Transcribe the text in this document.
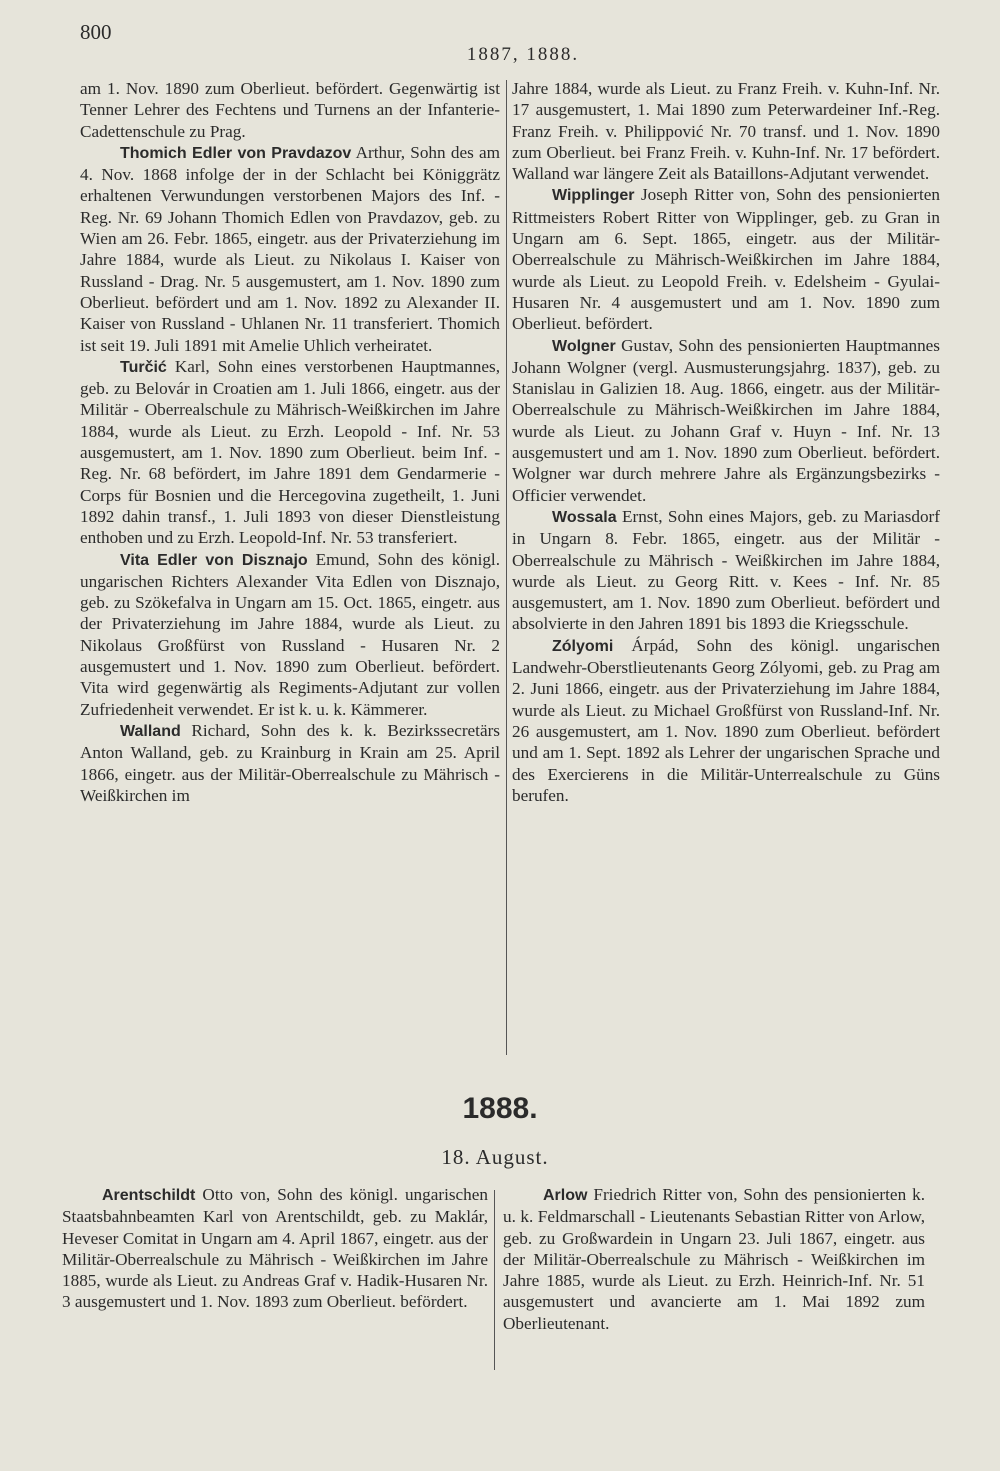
800
1887, 1888.

am 1. Nov. 1890 zum Oberlieut. befördert. Gegenwärtig ist Tenner Lehrer des Fechtens und Turnens an der Infanterie-Cadettenschule zu Prag.

Thomich Edler von Pravdazov Arthur, Sohn des am 4. Nov. 1868 infolge der in der Schlacht bei Königgrätz erhaltenen Verwundungen verstorbenen Majors des Inf. - Reg. Nr. 69 Johann Thomich Edlen von Pravdazov, geb. zu Wien am 26. Febr. 1865, eingetr. aus der Privaterziehung im Jahre 1884, wurde als Lieut. zu Nikolaus I. Kaiser von Russland - Drag. Nr. 5 ausgemustert, am 1. Nov. 1890 zum Oberlieut. befördert und am 1. Nov. 1892 zu Alexander II. Kaiser von Russland - Uhlanen Nr. 11 transferiert. Thomich ist seit 19. Juli 1891 mit Amelie Uhlich verheiratet.

Turčić Karl, Sohn eines verstorbenen Hauptmannes, geb. zu Belovár in Croatien am 1. Juli 1866, eingetr. aus der Militär - Oberrealschule zu Mährisch-Weißkirchen im Jahre 1884, wurde als Lieut. zu Erzh. Leopold - Inf. Nr. 53 ausgemustert, am 1. Nov. 1890 zum Oberlieut. beim Inf. - Reg. Nr. 68 befördert, im Jahre 1891 dem Gendarmerie - Corps für Bosnien und die Hercegovina zugetheilt, 1. Juni 1892 dahin transf., 1. Juli 1893 von dieser Dienstleistung enthoben und zu Erzh. Leopold-Inf. Nr. 53 transferiert.

Vita Edler von Disznajo Emund, Sohn des königl. ungarischen Richters Alexander Vita Edlen von Disznajo, geb. zu Szökefalva in Ungarn am 15. Oct. 1865, eingetr. aus der Privaterziehung im Jahre 1884, wurde als Lieut. zu Nikolaus Großfürst von Russland - Husaren Nr. 2 ausgemustert und 1. Nov. 1890 zum Oberlieut. befördert. Vita wird gegenwärtig als Regiments-Adjutant zur vollen Zufriedenheit verwendet. Er ist k. u. k. Kämmerer.

Walland Richard, Sohn des k. k. Bezirkssecretärs Anton Walland, geb. zu Krainburg in Krain am 25. April 1866, eingetr. aus der Militär-Oberrealschule zu Mährisch - Weißkirchen im

Jahre 1884, wurde als Lieut. zu Franz Freih. v. Kuhn-Inf. Nr. 17 ausgemustert, 1. Mai 1890 zum Peterwardeiner Inf.-Reg. Franz Freih. v. Philippović Nr. 70 transf. und 1. Nov. 1890 zum Oberlieut. bei Franz Freih. v. Kuhn-Inf. Nr. 17 befördert. Walland war längere Zeit als Bataillons-Adjutant verwendet.

Wipplinger Joseph Ritter von, Sohn des pensionierten Rittmeisters Robert Ritter von Wipplinger, geb. zu Gran in Ungarn am 6. Sept. 1865, eingetr. aus der Militär-Oberrealschule zu Mährisch-Weißkirchen im Jahre 1884, wurde als Lieut. zu Leopold Freih. v. Edelsheim - Gyulai-Husaren Nr. 4 ausgemustert und am 1. Nov. 1890 zum Oberlieut. befördert.

Wolgner Gustav, Sohn des pensionierten Hauptmannes Johann Wolgner (vergl. Ausmusterungsjahrg. 1837), geb. zu Stanislau in Galizien 18. Aug. 1866, eingetr. aus der Militär-Oberrealschule zu Mährisch-Weißkirchen im Jahre 1884, wurde als Lieut. zu Johann Graf v. Huyn - Inf. Nr. 13 ausgemustert und am 1. Nov. 1890 zum Oberlieut. befördert. Wolgner war durch mehrere Jahre als Ergänzungsbezirks - Officier verwendet.

Wossala Ernst, Sohn eines Majors, geb. zu Mariasdorf in Ungarn 8. Febr. 1865, eingetr. aus der Militär - Oberrealschule zu Mährisch - Weißkirchen im Jahre 1884, wurde als Lieut. zu Georg Ritt. v. Kees - Inf. Nr. 85 ausgemustert, am 1. Nov. 1890 zum Oberlieut. befördert und absolvierte in den Jahren 1891 bis 1893 die Kriegsschule.

Zólyomi Árpád, Sohn des königl. ungarischen Landwehr-Oberstlieutenants Georg Zólyomi, geb. zu Prag am 2. Juni 1866, eingetr. aus der Privaterziehung im Jahre 1884, wurde als Lieut. zu Michael Großfürst von Russland-Inf. Nr. 26 ausgemustert, am 1. Nov. 1890 zum Oberlieut. befördert und am 1. Sept. 1892 als Lehrer der ungarischen Sprache und des Exercierens in die Militär-Unterrealschule zu Güns berufen.

1888.
18. August.

Arentschildt Otto von, Sohn des königl. ungarischen Staatsbahnbeamten Karl von Arentschildt, geb. zu Maklár, Heveser Comitat in Ungarn am 4. April 1867, eingetr. aus der Militär-Oberrealschule zu Mährisch - Weißkirchen im Jahre 1885, wurde als Lieut. zu Andreas Graf v. Hadik-Husaren Nr. 3 ausgemustert und 1. Nov. 1893 zum Oberlieut. befördert.

Arlow Friedrich Ritter von, Sohn des pensionierten k. u. k. Feldmarschall - Lieutenants Sebastian Ritter von Arlow, geb. zu Großwardein in Ungarn 23. Juli 1867, eingetr. aus der Militär-Oberrealschule zu Mährisch - Weißkirchen im Jahre 1885, wurde als Lieut. zu Erzh. Heinrich-Inf. Nr. 51 ausgemustert und avancierte am 1. Mai 1892 zum Oberlieutenant.
